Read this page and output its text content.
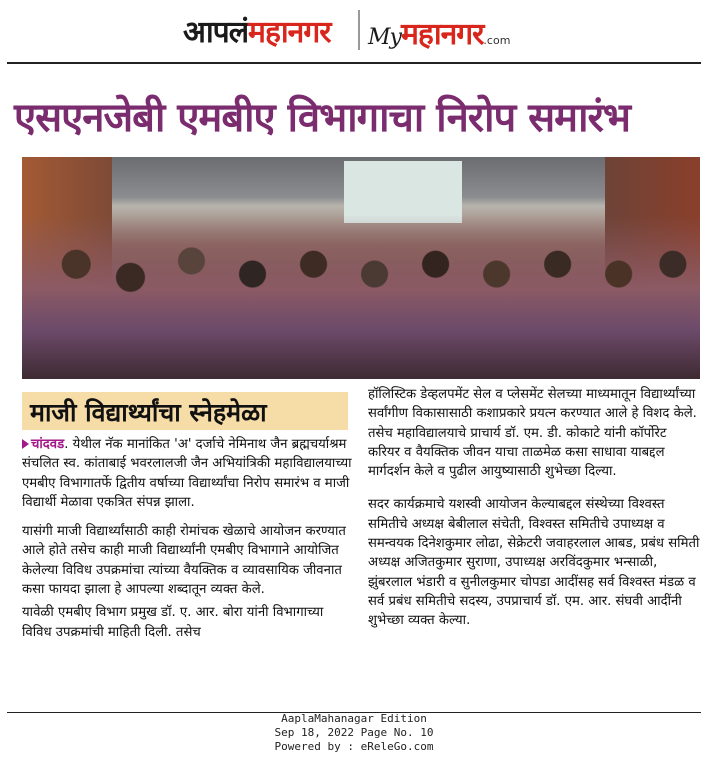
आपलंमहानगर Myमहानगर.com
एसएनजेबी एमबीए विभागाचा निरोप समारंभ
माजी विद्यार्थ्यांचा स्नेहमेळा

चांदवड. येथील नॅक मानांकित 'अ' दर्जाचे नेमिनाथ जैन ब्रह्मचर्याश्रम संचलित स्व. कांताबाई भवरलालजी जैन अभियांत्रिकी महाविद्यालयाच्या एमबीए विभागातर्फे द्वितीय वर्षाच्या विद्यार्थ्यांचा निरोप समारंभ व माजी विद्यार्थी मेळावा एकत्रित संपन्न झाला.

यासंगी माजी विद्यार्थ्यांसाठी काही रोमांचक खेळाचे आयोजन करण्यात आले होते तसेच काही माजी विद्यार्थ्यांनी एमबीए विभागाने आयोजित केलेल्या विविध उपक्रमांचा त्यांच्या वैयक्तिक व व्यावसायिक जीवनात कसा फायदा झाला हे आपल्या शब्दातून व्यक्त केले.

यावेळी एमबीए विभाग प्रमुख डॉ. ए. आर. बोरा यांनी विभागाच्या विविध उपक्रमांची माहिती दिली. तसेच

हॉलिस्टिक डेव्हलपमेंट सेल व प्लेसमेंट सेलच्या माध्यमातून विद्यार्थ्यांच्या सर्वांगीण विकासासाठी कशाप्रकारे प्रयत्न करण्यात आले हे विशद केले. तसेच महाविद्यालयाचे प्राचार्य डॉ. एम. डी. कोकाटे यांनी कॉर्पोरेट करियर व वैयक्तिक जीवन याचा ताळमेळ कसा साधावा याबद्दल मार्गदर्शन केले व पुढील आयुष्यासाठी शुभेच्छा दिल्या.

सदर कार्यक्रमाचे यशस्वी आयोजन केल्याबद्दल संस्थेच्या विश्वस्त समितीचे अध्यक्ष बेबीलाल संचेती, विश्वस्त समितीचे उपाध्यक्ष व समन्वयक दिनेशकुमार लोढा, सेक्रेटरी जवाहरलाल आबड, प्रबंध समिती अध्यक्ष अजितकुमार सुराणा, उपाध्यक्ष अरविंदकुमार भन्साळी, झुंबरलाल भंडारी व सुनीलकुमार चोपडा आदींसह सर्व विश्वस्त मंडळ व सर्व प्रबंध समितीचे सदस्य, उपप्राचार्य डॉ. एम. आर. संघवी आदींनी शुभेच्छा व्यक्त केल्या.

AaplaMahanagar Edition
Sep 18, 2022 Page No. 10
Powered by : eReleGo.com
